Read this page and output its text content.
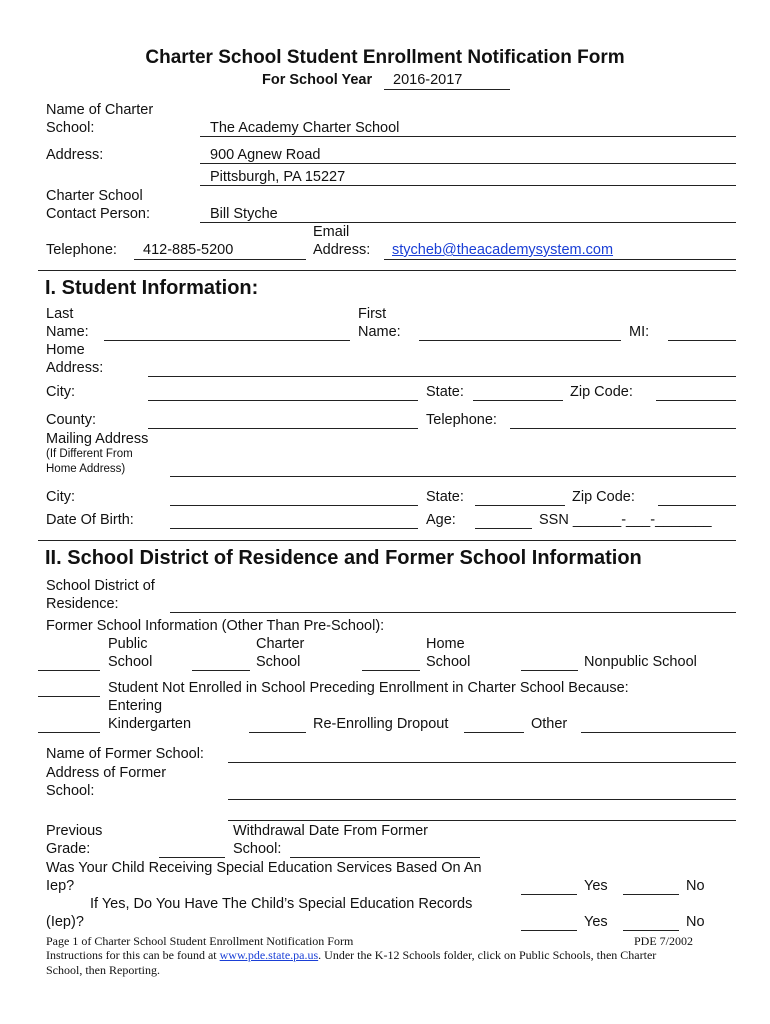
Charter School Student Enrollment Notification Form
For School Year 2016-2017
Name of Charter
School:	The Academy Charter School
Address:	900 Agnew Road
Pittsburgh, PA 15227
Charter School
Contact Person:	Bill Styche
Email
Telephone: 412-885-5200	Address: stycheb@theacademysystem.com
I. Student Information:
Last
Name:
First
Name:	MI:
Home
Address:
City:	State:	Zip Code:
County:	Telephone:
Mailing Address
(If Different From
Home Address)
City:	State:	Zip Code:
Date Of Birth:	Age:	SSN ______-___-_______
II. School District of Residence and Former School Information
School District of
Residence:
Former School Information (Other Than Pre-School):
Public
School
Charter
School
Home
School	Nonpublic School
Student Not Enrolled in School Preceding Enrollment in Charter School Because:
Entering
Kindergarten	Re-Enrolling Dropout	Other
Name of Former School:
Address of Former
School:
Previous
Grade:
Withdrawal Date From Former
School:
Was Your Child Receiving Special Education Services Based On An
Iep?	Yes	No
If Yes, Do You Have The Child’s Special Education Records
(Iep)?	Yes	No
Page 1 of Charter School Student Enrollment Notification Form	PDE 7/2002
Instructions for this can be found at www.pde.state.pa.us. Under the K-12 Schools folder, click on Public Schools, then Charter
School, then Reporting.
